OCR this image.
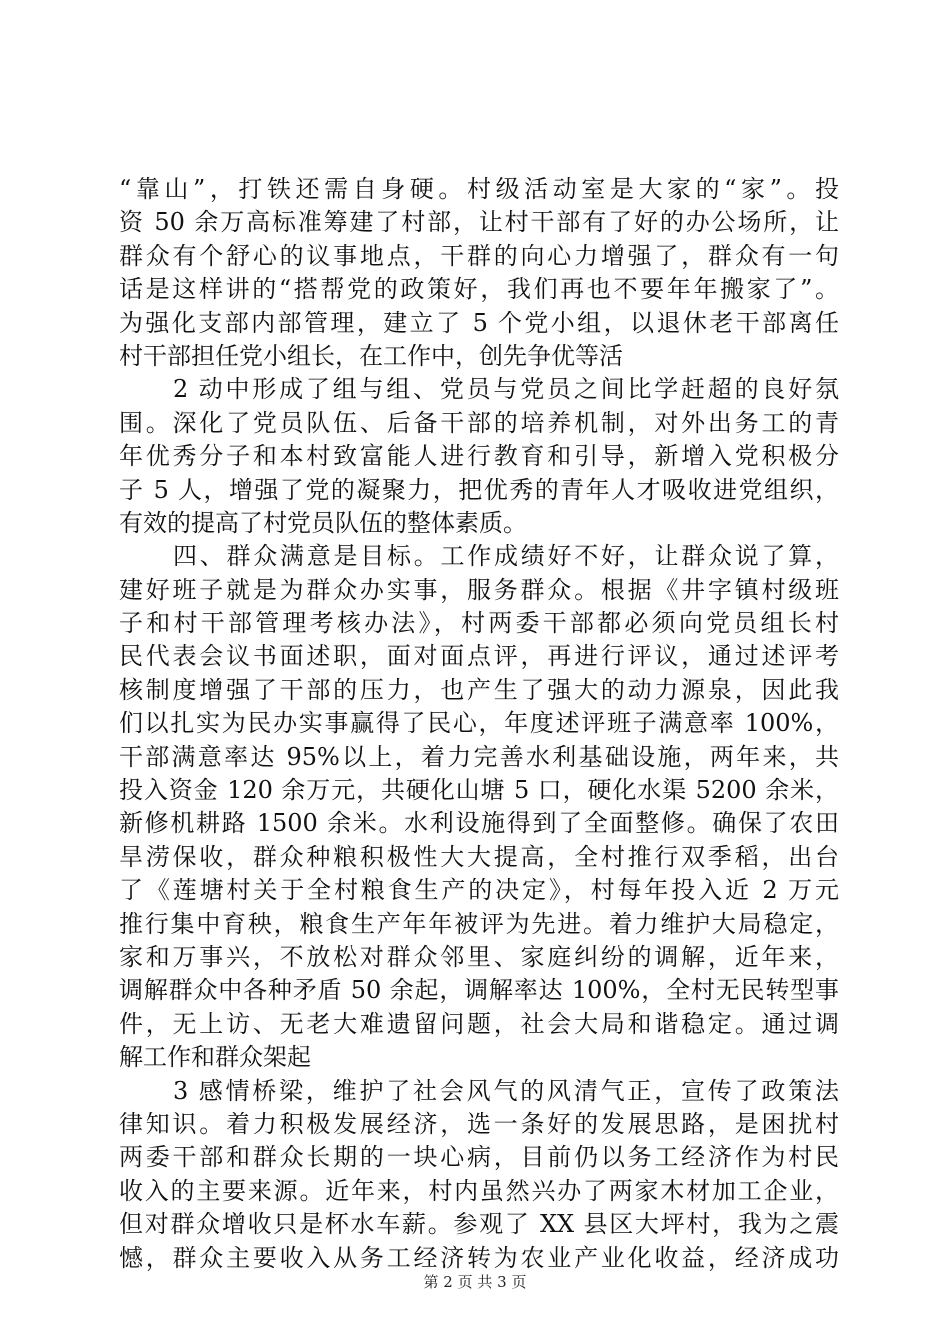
“靠山”，打铁还需自身硬。村级活动室是大家的“家”。投
资 50 余万高标准筹建了村部，让村干部有了好的办公场所，让
群众有个舒心的议事地点，干群的向心力增强了，群众有一句
话是这样讲的“搭帮党的政策好，我们再也不要年年搬家了”。
为强化支部内部管理，建立了 5 个党小组，以退休老干部离任
村干部担任党小组长，在工作中，创先争优等活
2 动中形成了组与组、党员与党员之间比学赶超的良好氛
围。深化了党员队伍、后备干部的培养机制，对外出务工的青
年优秀分子和本村致富能人进行教育和引导，新增入党积极分
子 5 人，增强了党的凝聚力，把优秀的青年人才吸收进党组织，
有效的提高了村党员队伍的整体素质。
四、群众满意是目标。工作成绩好不好，让群众说了算，
建好班子就是为群众办实事，服务群众。根据《井字镇村级班
子和村干部管理考核办法》，村两委干部都必须向党员组长村
民代表会议书面述职，面对面点评，再进行评议，通过述评考
核制度增强了干部的压力，也产生了强大的动力源泉，因此我
们以扎实为民办实事赢得了民心，年度述评班子满意率 100%，
干部满意率达 95%以上，着力完善水利基础设施，两年来，共
投入资金 120 余万元，共硬化山塘 5 口，硬化水渠 5200 余米，
新修机耕路 1500 余米。水利设施得到了全面整修。确保了农田
旱涝保收，群众种粮积极性大大提高，全村推行双季稻，出台
了《莲塘村关于全村粮食生产的决定》，村每年投入近 2 万元
推行集中育秧，粮食生产年年被评为先进。着力维护大局稳定，
家和万事兴，不放松对群众邻里、家庭纠纷的调解，近年来，
调解群众中各种矛盾 50 余起，调解率达 100%，全村无民转型事
件，无上访、无老大难遗留问题，社会大局和谐稳定。通过调
解工作和群众架起
3 感情桥梁，维护了社会风气的风清气正，宣传了政策法
律知识。着力积极发展经济，选一条好的发展思路，是困扰村
两委干部和群众长期的一块心病，目前仍以务工经济作为村民
收入的主要来源。近年来，村内虽然兴办了两家木材加工企业，
但对群众增收只是杯水车薪。参观了 XX 县区大坪村，我为之震
憾，群众主要收入从务工经济转为农业产业化收益，经济成功
第 2 页 共 3 页
